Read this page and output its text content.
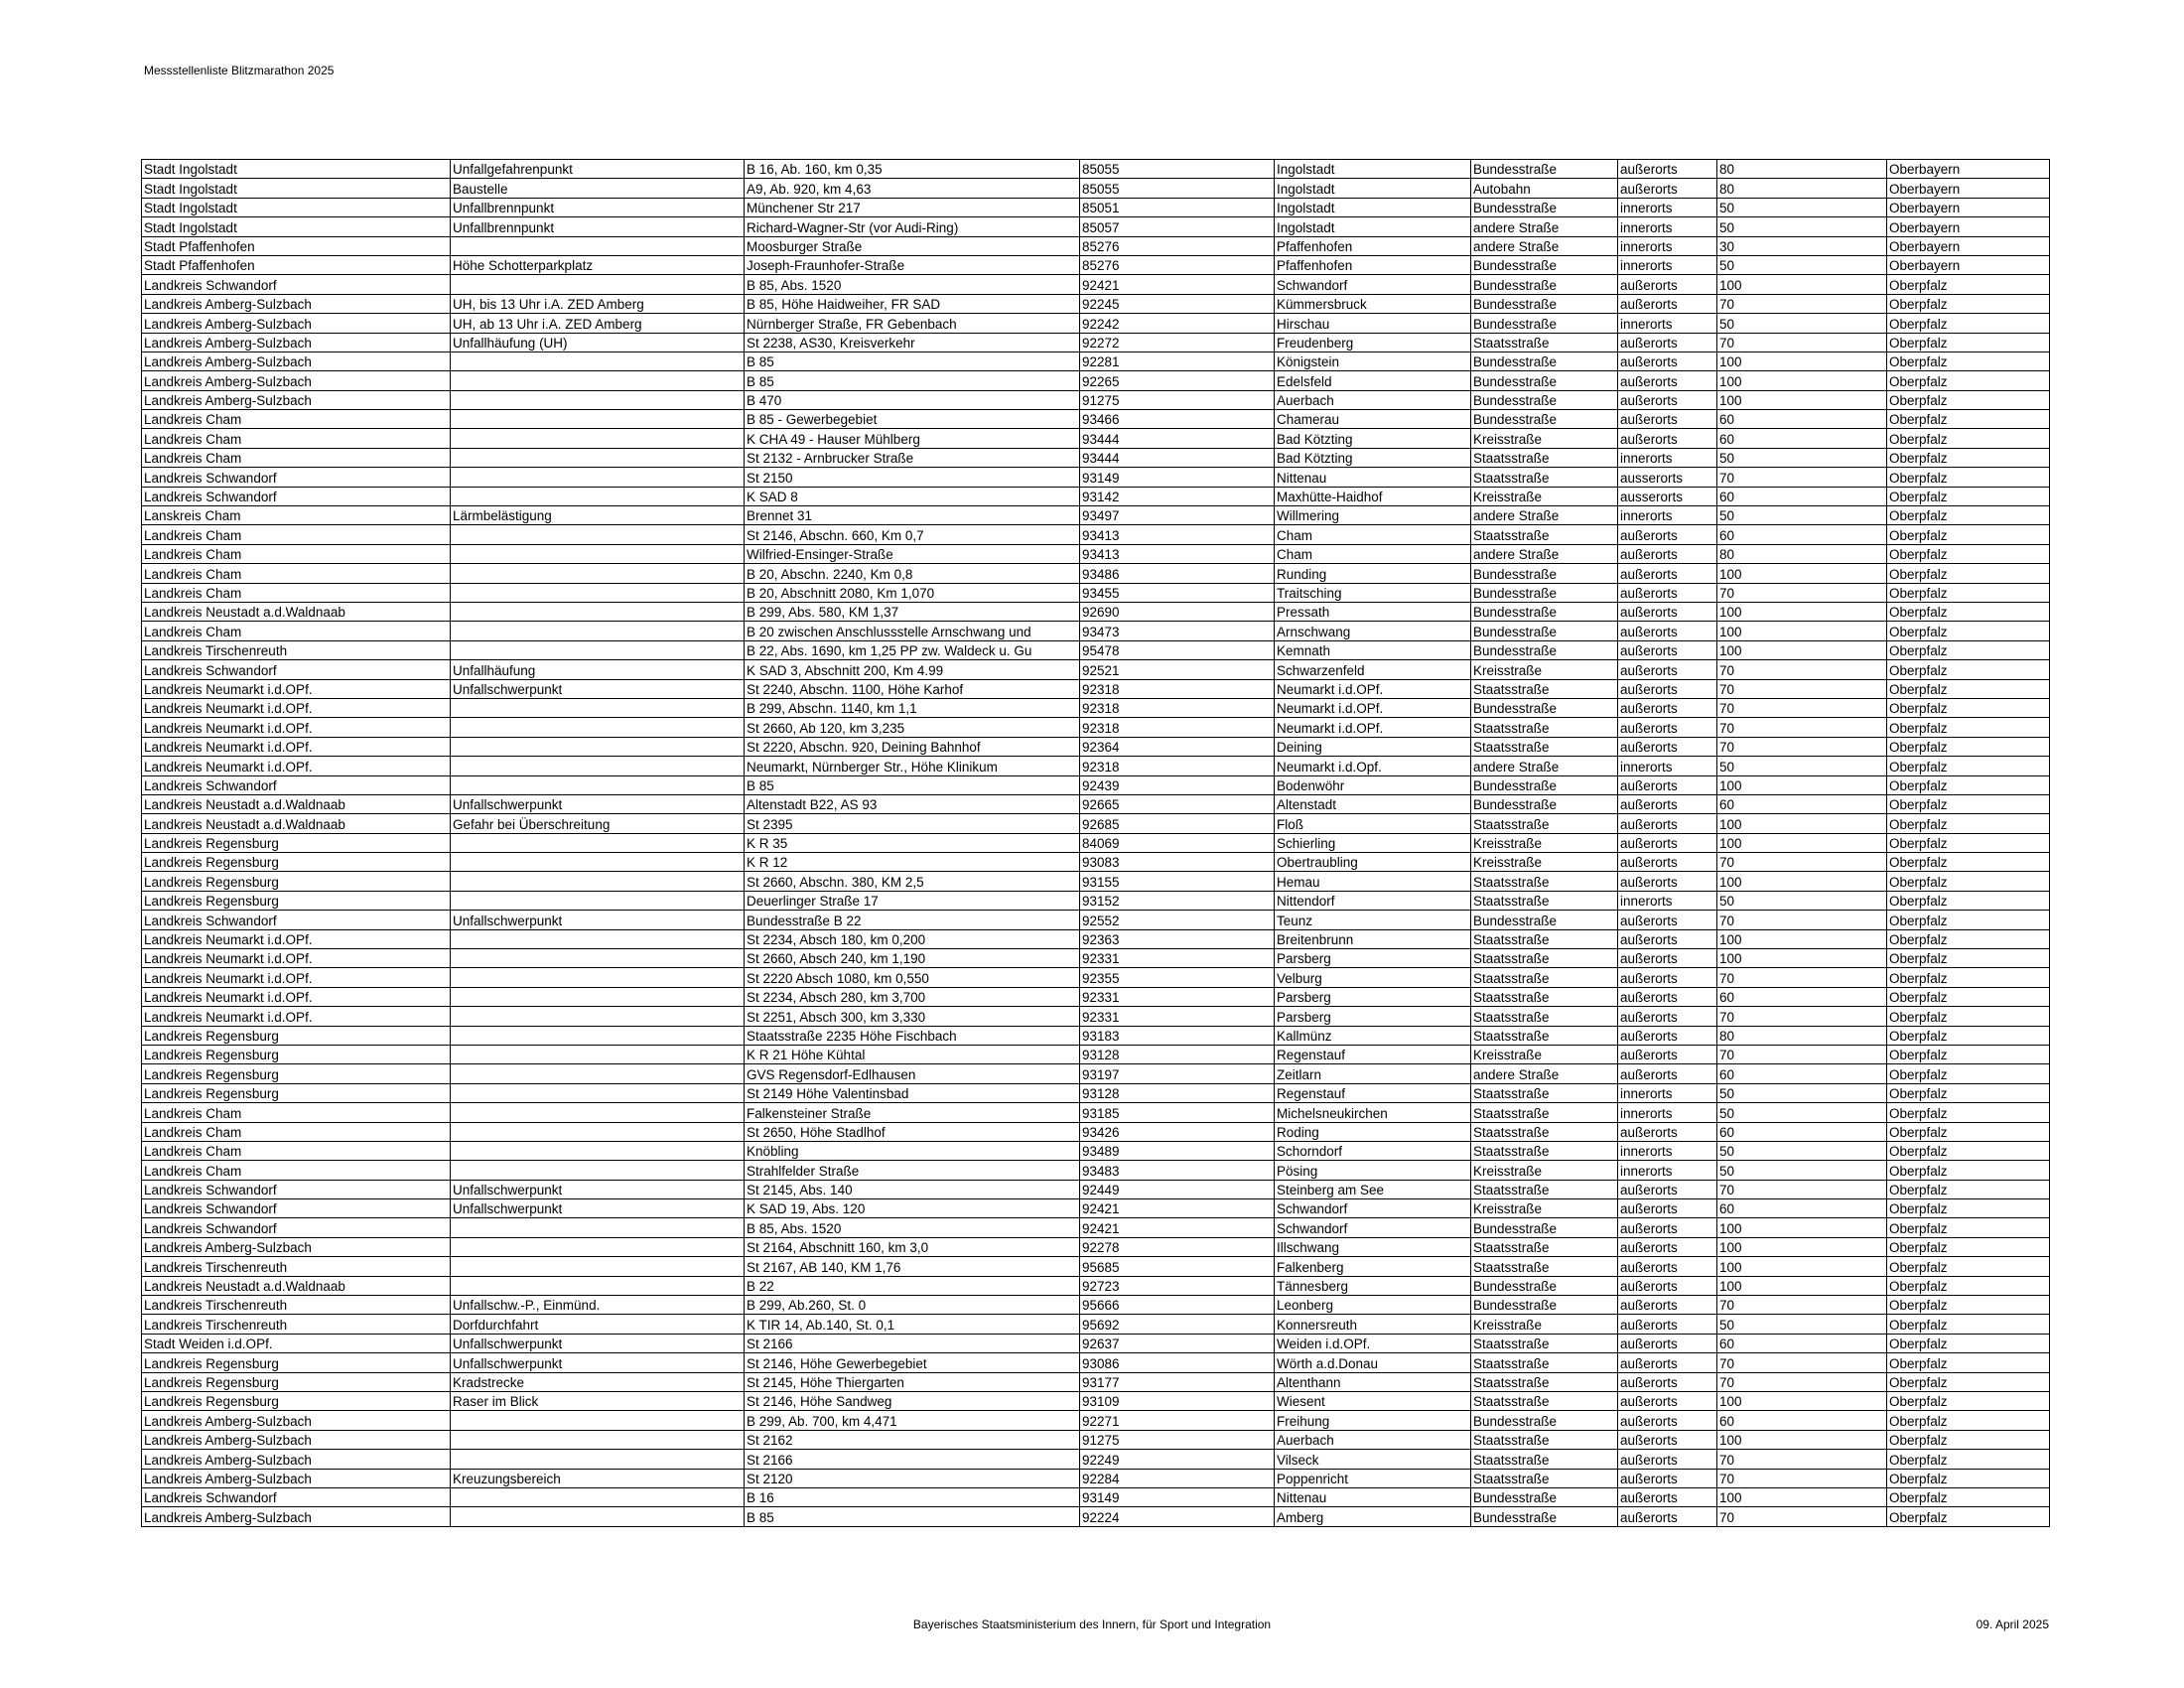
Messstellenliste Blitzmarathon 2025
Stadt Ingolstadt	Unfallgefahrenpunkt	B 16, Ab. 160, km 0,35	85055	Ingolstadt	Bundesstraße	außerorts	80	Oberbayern
Stadt Ingolstadt	Baustelle	A9, Ab. 920, km 4,63	85055	Ingolstadt	Autobahn	außerorts	80	Oberbayern
Stadt Ingolstadt	Unfallbrennpunkt	Münchener Str 217	85051	Ingolstadt	Bundesstraße	innerorts	50	Oberbayern
Stadt Ingolstadt	Unfallbrennpunkt	Richard-Wagner-Str (vor Audi-Ring)	85057	Ingolstadt	andere Straße	innerorts	50	Oberbayern
Stadt Pfaffenhofen		Moosburger Straße	85276	Pfaffenhofen	andere Straße	innerorts	30	Oberbayern
Stadt Pfaffenhofen	Höhe Schotterparkplatz	Joseph-Fraunhofer-Straße	85276	Pfaffenhofen	Bundesstraße	innerorts	50	Oberbayern
Landkreis Schwandorf		B 85, Abs. 1520	92421	Schwandorf	Bundesstraße	außerorts	100	Oberpfalz
Landkreis Amberg-Sulzbach	UH, bis 13 Uhr i.A. ZED Amberg	B 85, Höhe Haidweiher, FR SAD	92245	Kümmersbruck	Bundesstraße	außerorts	70	Oberpfalz
Landkreis Amberg-Sulzbach	UH, ab 13 Uhr i.A. ZED Amberg	Nürnberger Straße, FR Gebenbach	92242	Hirschau	Bundesstraße	innerorts	50	Oberpfalz
Landkreis Amberg-Sulzbach	Unfallhäufung (UH)	St 2238, AS30, Kreisverkehr	92272	Freudenberg	Staatsstraße	außerorts	70	Oberpfalz
Landkreis Amberg-Sulzbach		B 85	92281	Königstein	Bundesstraße	außerorts	100	Oberpfalz
Landkreis Amberg-Sulzbach		B 85	92265	Edelsfeld	Bundesstraße	außerorts	100	Oberpfalz
Landkreis Amberg-Sulzbach		B 470	91275	Auerbach	Bundesstraße	außerorts	100	Oberpfalz
Landkreis Cham		B 85 - Gewerbegebiet	93466	Chamerau	Bundesstraße	außerorts	60	Oberpfalz
Landkreis Cham		K CHA 49 - Hauser Mühlberg	93444	Bad Kötzting	Kreisstraße	außerorts	60	Oberpfalz
Landkreis Cham		St 2132 - Arnbrucker Straße	93444	Bad Kötzting	Staatsstraße	innerorts	50	Oberpfalz
Landkreis Schwandorf		St 2150	93149	Nittenau	Staatsstraße	ausserorts	70	Oberpfalz
Landkreis Schwandorf		K SAD 8	93142	Maxhütte-Haidhof	Kreisstraße	ausserorts	60	Oberpfalz
Lanskreis Cham	Lärmbelästigung	Brennet 31	93497	Willmering	andere Straße	innerorts	50	Oberpfalz
Landkreis Cham		St 2146, Abschn. 660, Km 0,7	93413	Cham	Staatsstraße	außerorts	60	Oberpfalz
Landkreis Cham		Wilfried-Ensinger-Straße	93413	Cham	andere Straße	außerorts	80	Oberpfalz
Landkreis Cham		B 20, Abschn. 2240, Km 0,8	93486	Runding	Bundesstraße	außerorts	100	Oberpfalz
Landkreis Cham		B 20, Abschnitt 2080, Km 1,070	93455	Traitsching	Bundesstraße	außerorts	70	Oberpfalz
Landkreis Neustadt a.d.Waldnaab		B 299, Abs. 580, KM 1,37	92690	Pressath	Bundesstraße	außerorts	100	Oberpfalz
Landkreis Cham		B 20 zwischen Anschlussstelle Arnschwang und	93473	Arnschwang	Bundesstraße	außerorts	100	Oberpfalz
Landkreis Tirschenreuth		B 22, Abs. 1690, km 1,25 PP zw. Waldeck u. Gu	95478	Kemnath	Bundesstraße	außerorts	100	Oberpfalz
Landkreis Schwandorf	Unfallhäufung	K SAD 3, Abschnitt 200, Km 4.99	92521	Schwarzenfeld	Kreisstraße	außerorts	70	Oberpfalz
Landkreis Neumarkt i.d.OPf.	Unfallschwerpunkt	St 2240, Abschn. 1100, Höhe Karhof	92318	Neumarkt i.d.OPf.	Staatsstraße	außerorts	70	Oberpfalz
Landkreis Neumarkt i.d.OPf.		B 299, Abschn. 1140, km 1,1	92318	Neumarkt i.d.OPf.	Bundesstraße	außerorts	70	Oberpfalz
Landkreis Neumarkt i.d.OPf.		St 2660, Ab 120, km 3,235	92318	Neumarkt i.d.OPf.	Staatsstraße	außerorts	70	Oberpfalz
Landkreis Neumarkt i.d.OPf.		St 2220, Abschn. 920, Deining Bahnhof	92364	Deining	Staatsstraße	außerorts	70	Oberpfalz
Landkreis Neumarkt i.d.OPf.		Neumarkt, Nürnberger Str., Höhe Klinikum	92318	Neumarkt i.d.Opf.	andere Straße	innerorts	50	Oberpfalz
Landkreis Schwandorf		B 85	92439	Bodenwöhr	Bundesstraße	außerorts	100	Oberpfalz
Landkreis Neustadt a.d.Waldnaab	Unfallschwerpunkt	Altenstadt B22, AS 93	92665	Altenstadt	Bundesstraße	außerorts	60	Oberpfalz
Landkreis Neustadt a.d.Waldnaab	Gefahr bei Überschreitung	St 2395	92685	Floß	Staatsstraße	außerorts	100	Oberpfalz
Landkreis Regensburg		K R 35	84069	Schierling	Kreisstraße	außerorts	100	Oberpfalz
Landkreis Regensburg		K R 12	93083	Obertraubling	Kreisstraße	außerorts	70	Oberpfalz
Landkreis Regensburg		St 2660, Abschn. 380, KM 2,5	93155	Hemau	Staatsstraße	außerorts	100	Oberpfalz
Landkreis Regensburg		Deuerlinger Straße 17	93152	Nittendorf	Staatsstraße	innerorts	50	Oberpfalz
Landkreis Schwandorf	Unfallschwerpunkt	Bundesstraße B 22	92552	Teunz	Bundesstraße	außerorts	70	Oberpfalz
Landkreis Neumarkt i.d.OPf.		St 2234, Absch 180, km 0,200	92363	Breitenbrunn	Staatsstraße	außerorts	100	Oberpfalz
Landkreis Neumarkt i.d.OPf.		St 2660, Absch 240, km 1,190	92331	Parsberg	Staatsstraße	außerorts	100	Oberpfalz
Landkreis Neumarkt i.d.OPf.		St 2220 Absch 1080, km 0,550	92355	Velburg	Staatsstraße	außerorts	70	Oberpfalz
Landkreis Neumarkt i.d.OPf.		St 2234, Absch 280, km 3,700	92331	Parsberg	Staatsstraße	außerorts	60	Oberpfalz
Landkreis Neumarkt i.d.OPf.		St 2251, Absch 300, km 3,330	92331	Parsberg	Staatsstraße	außerorts	70	Oberpfalz
Landkreis Regensburg		Staatsstraße 2235 Höhe Fischbach	93183	Kallmünz	Staatsstraße	außerorts	80	Oberpfalz
Landkreis Regensburg		K R 21 Höhe Kühtal	93128	Regenstauf	Kreisstraße	außerorts	70	Oberpfalz
Landkreis Regensburg		GVS Regensdorf-Edlhausen	93197	Zeitlarn	andere Straße	außerorts	60	Oberpfalz
Landkreis Regensburg		St 2149 Höhe Valentinsbad	93128	Regenstauf	Staatsstraße	innerorts	50	Oberpfalz
Landkreis Cham		Falkensteiner Straße	93185	Michelsneukirchen	Staatsstraße	innerorts	50	Oberpfalz
Landkreis Cham		St 2650, Höhe Stadlhof	93426	Roding	Staatsstraße	außerorts	60	Oberpfalz
Landkreis Cham		Knöbling	93489	Schorndorf	Staatsstraße	innerorts	50	Oberpfalz
Landkreis Cham		Strahlfelder Straße	93483	Pösing	Kreisstraße	innerorts	50	Oberpfalz
Landkreis Schwandorf	Unfallschwerpunkt	St 2145, Abs. 140	92449	Steinberg am See	Staatsstraße	außerorts	70	Oberpfalz
Landkreis Schwandorf	Unfallschwerpunkt	K SAD 19, Abs. 120	92421	Schwandorf	Kreisstraße	außerorts	60	Oberpfalz
Landkreis Schwandorf		B 85, Abs. 1520	92421	Schwandorf	Bundesstraße	außerorts	100	Oberpfalz
Landkreis Amberg-Sulzbach		St 2164, Abschnitt 160, km 3,0	92278	Illschwang	Staatsstraße	außerorts	100	Oberpfalz
Landkreis Tirschenreuth		St 2167, AB 140, KM 1,76	95685	Falkenberg	Staatsstraße	außerorts	100	Oberpfalz
Landkreis Neustadt a.d.Waldnaab		B 22	92723	Tännesberg	Bundesstraße	außerorts	100	Oberpfalz
Landkreis Tirschenreuth	Unfallschw.-P., Einmünd.	B 299, Ab.260, St. 0	95666	Leonberg	Bundesstraße	außerorts	70	Oberpfalz
Landkreis Tirschenreuth	Dorfdurchfahrt	K TIR 14, Ab.140, St. 0,1	95692	Konnersreuth	Kreisstraße	außerorts	50	Oberpfalz
Stadt Weiden i.d.OPf.	Unfallschwerpunkt	St 2166	92637	Weiden i.d.OPf.	Staatsstraße	außerorts	60	Oberpfalz
Landkreis Regensburg	Unfallschwerpunkt	St 2146, Höhe Gewerbegebiet	93086	Wörth a.d.Donau	Staatsstraße	außerorts	70	Oberpfalz
Landkreis Regensburg	Kradstrecke	St 2145, Höhe Thiergarten	93177	Altenthann	Staatsstraße	außerorts	70	Oberpfalz
Landkreis Regensburg	Raser im Blick	St 2146, Höhe Sandweg	93109	Wiesent	Staatsstraße	außerorts	100	Oberpfalz
Landkreis Amberg-Sulzbach		B 299, Ab. 700, km 4,471	92271	Freihung	Bundesstraße	außerorts	60	Oberpfalz
Landkreis Amberg-Sulzbach		St 2162	91275	Auerbach	Staatsstraße	außerorts	100	Oberpfalz
Landkreis Amberg-Sulzbach		St 2166	92249	Vilseck	Staatsstraße	außerorts	70	Oberpfalz
Landkreis Amberg-Sulzbach	Kreuzungsbereich	St 2120	92284	Poppenricht	Staatsstraße	außerorts	70	Oberpfalz
Landkreis Schwandorf		B 16	93149	Nittenau	Bundesstraße	außerorts	100	Oberpfalz
Landkreis Amberg-Sulzbach		B 85	92224	Amberg	Bundesstraße	außerorts	70	Oberpfalz
Bayerisches Staatsministerium des Innern, für Sport und Integration	09. April 2025
